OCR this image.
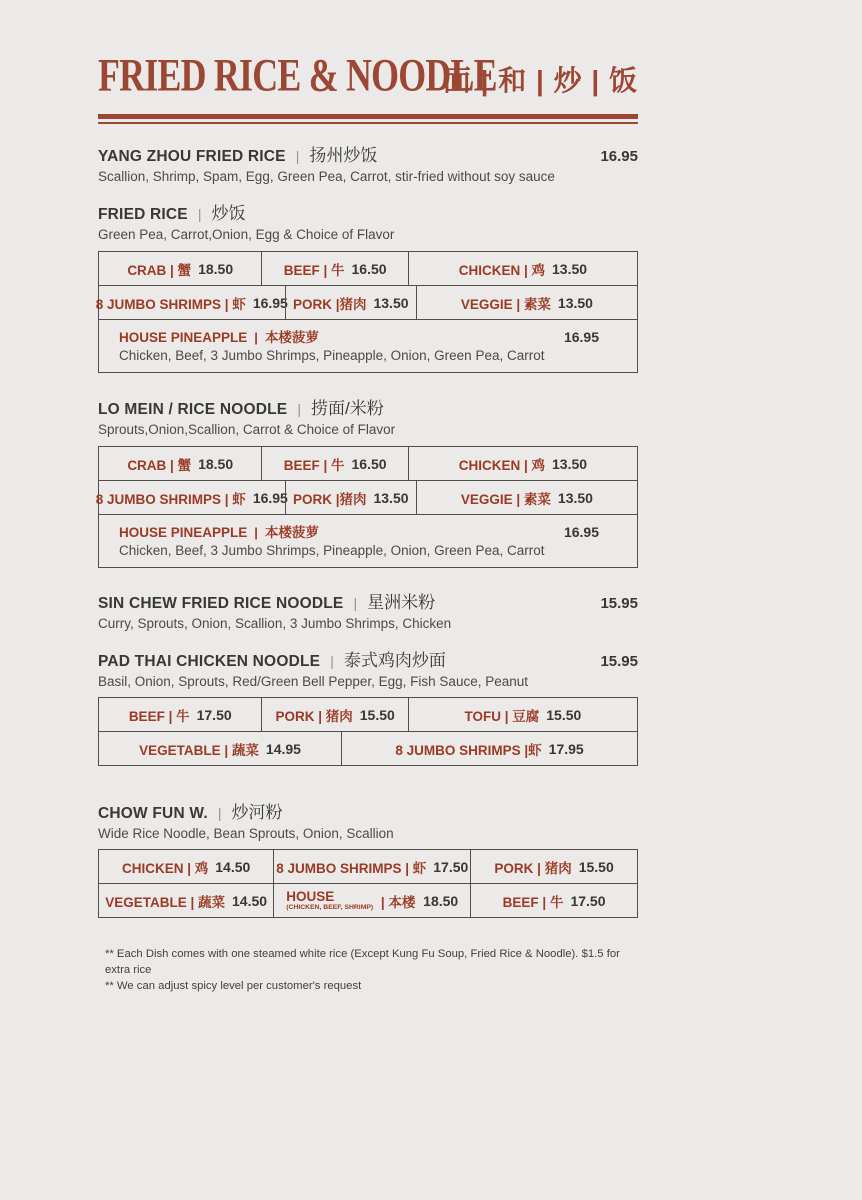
FRIED RICE & NOODLE
面 | 和 | 炒 | 饭
YANG ZHOU FRIED RICE | 扬州炒饭	16.95
Scallion, Shrimp, Spam, Egg, Green Pea, Carrot, stir-fried without soy sauce
FRIED RICE | 炒饭
Green Pea, Carrot,Onion, Egg & Choice of Flavor
CRAB | 蟹 18.50	BEEF | 牛 16.50	CHICKEN | 鸡 13.50
8 JUMBO SHRIMPS | 虾 16.95 PORK |猪肉 13.50	VEGGIE | 素菜 13.50
HOUSE PINEAPPLE | 本楼菠萝	16.95
Chicken, Beef, 3 Jumbo Shrimps, Pineapple, Onion, Green Pea, Carrot
LO MEIN / RICE NOODLE | 捞面/米粉
Sprouts,Onion,Scallion, Carrot & Choice of Flavor
CRAB | 蟹 18.50	BEEF | 牛 16.50	CHICKEN | 鸡 13.50
8 JUMBO SHRIMPS | 虾 16.95 PORK |猪肉 13.50	VEGGIE | 素菜 13.50
HOUSE PINEAPPLE | 本楼菠萝	16.95
Chicken, Beef, 3 Jumbo Shrimps, Pineapple, Onion, Green Pea, Carrot
SIN CHEW FRIED RICE NOODLE | 星洲米粉	15.95
Curry, Sprouts, Onion, Scallion, 3 Jumbo Shrimps, Chicken
PAD THAI CHICKEN NOODLE | 泰式鸡肉炒面	15.95
Basil, Onion, Sprouts, Red/Green Bell Pepper, Egg, Fish Sauce, Peanut
BEEF | 牛 17.50	PORK | 猪肉 15.50	TOFU | 豆腐 15.50
VEGETABLE | 蔬菜 14.95	8 JUMBO SHRIMPS |虾 17.95
CHOW FUN W. | 炒河粉
Wide Rice Noodle, Bean Sprouts, Onion, Scallion
CHICKEN | 鸡 14.50 8 JUMBO SHRIMPS | 虾 17.50 PORK | 猪肉 15.50
VEGETABLE | 蔬菜 14.50 HOUSE
(CHICKEN, BEEF, SHRIMP) | 本楼 18.50	BEEF | 牛 17.50
** Each Dish comes with one steamed white rice (Except Kung Fu Soup, Fried Rice & Noodle). $1.5 for extra rice
** We can adjust spicy level per customer's request
